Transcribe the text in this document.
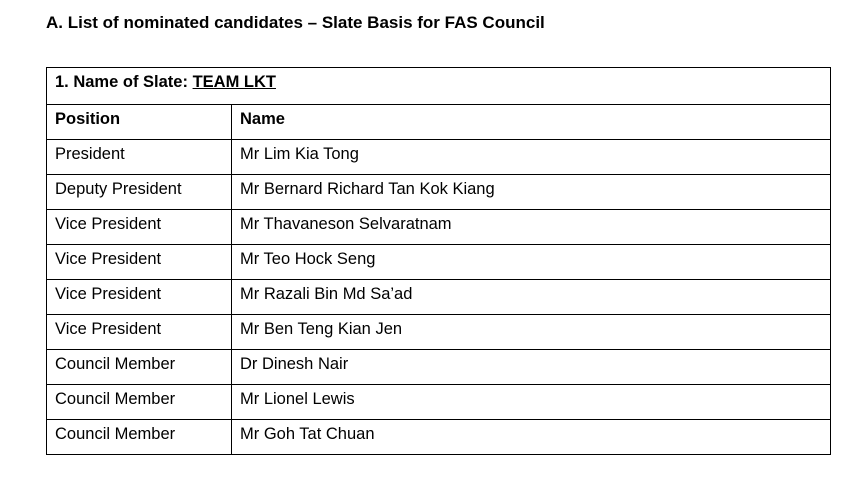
A. List of nominated candidates – Slate Basis for FAS Council
1. Name of Slate: TEAM LKT	
Position	Name
President	Mr Lim Kia Tong
Deputy President	Mr Bernard Richard Tan Kok Kiang
Vice President	Mr Thavaneson Selvaratnam
Vice President	Mr Teo Hock Seng
Vice President	Mr Razali Bin Md Sa’ad
Vice President	Mr Ben Teng Kian Jen
Council Member	Dr Dinesh Nair
Council Member	Mr Lionel Lewis
Council Member	Mr Goh Tat Chuan
